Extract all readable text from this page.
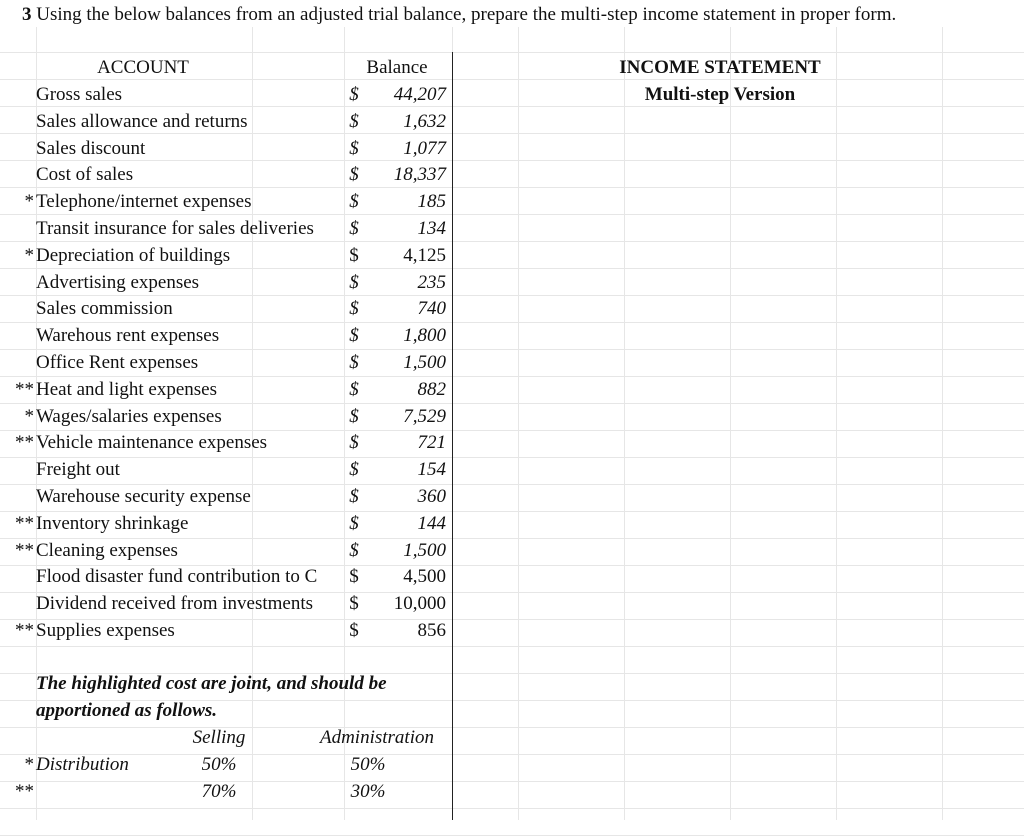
3 Using the below balances from an adjusted trial balance, prepare the multi-step income statement in proper form.
ACCOUNT	Balance	INCOME STATEMENT
Multi-step Version
Gross sales	$	44,207
Sales allowance and returns	$	1,632
Sales discount	$	1,077
Cost of sales	$	18,337
* Telephone/internet expenses	$	185
Transit insurance for sales deliveries $	134
* Depreciation of buildings	$	4,125
Advertising expenses	$	235
Sales commission	$	740
Warehous rent expenses	$	1,800
Office Rent expenses	$	1,500
** Heat and light expenses	$	882
* Wages/salaries expenses	$	7,529
** Vehicle maintenance expenses	$	721
Freight out	$	154
Warehouse security expense	$	360
** Inventory shrinkage	$	144
** Cleaning expenses	$	1,500
Flood disaster fund contribution to C $	4,500
Dividend received from investments $	10,000
** Supplies expenses	$	856
The highlighted cost are joint, and should be
apportioned as follows.
Selling	Administration
* Distribution	50%	50%
**	70%	30%
